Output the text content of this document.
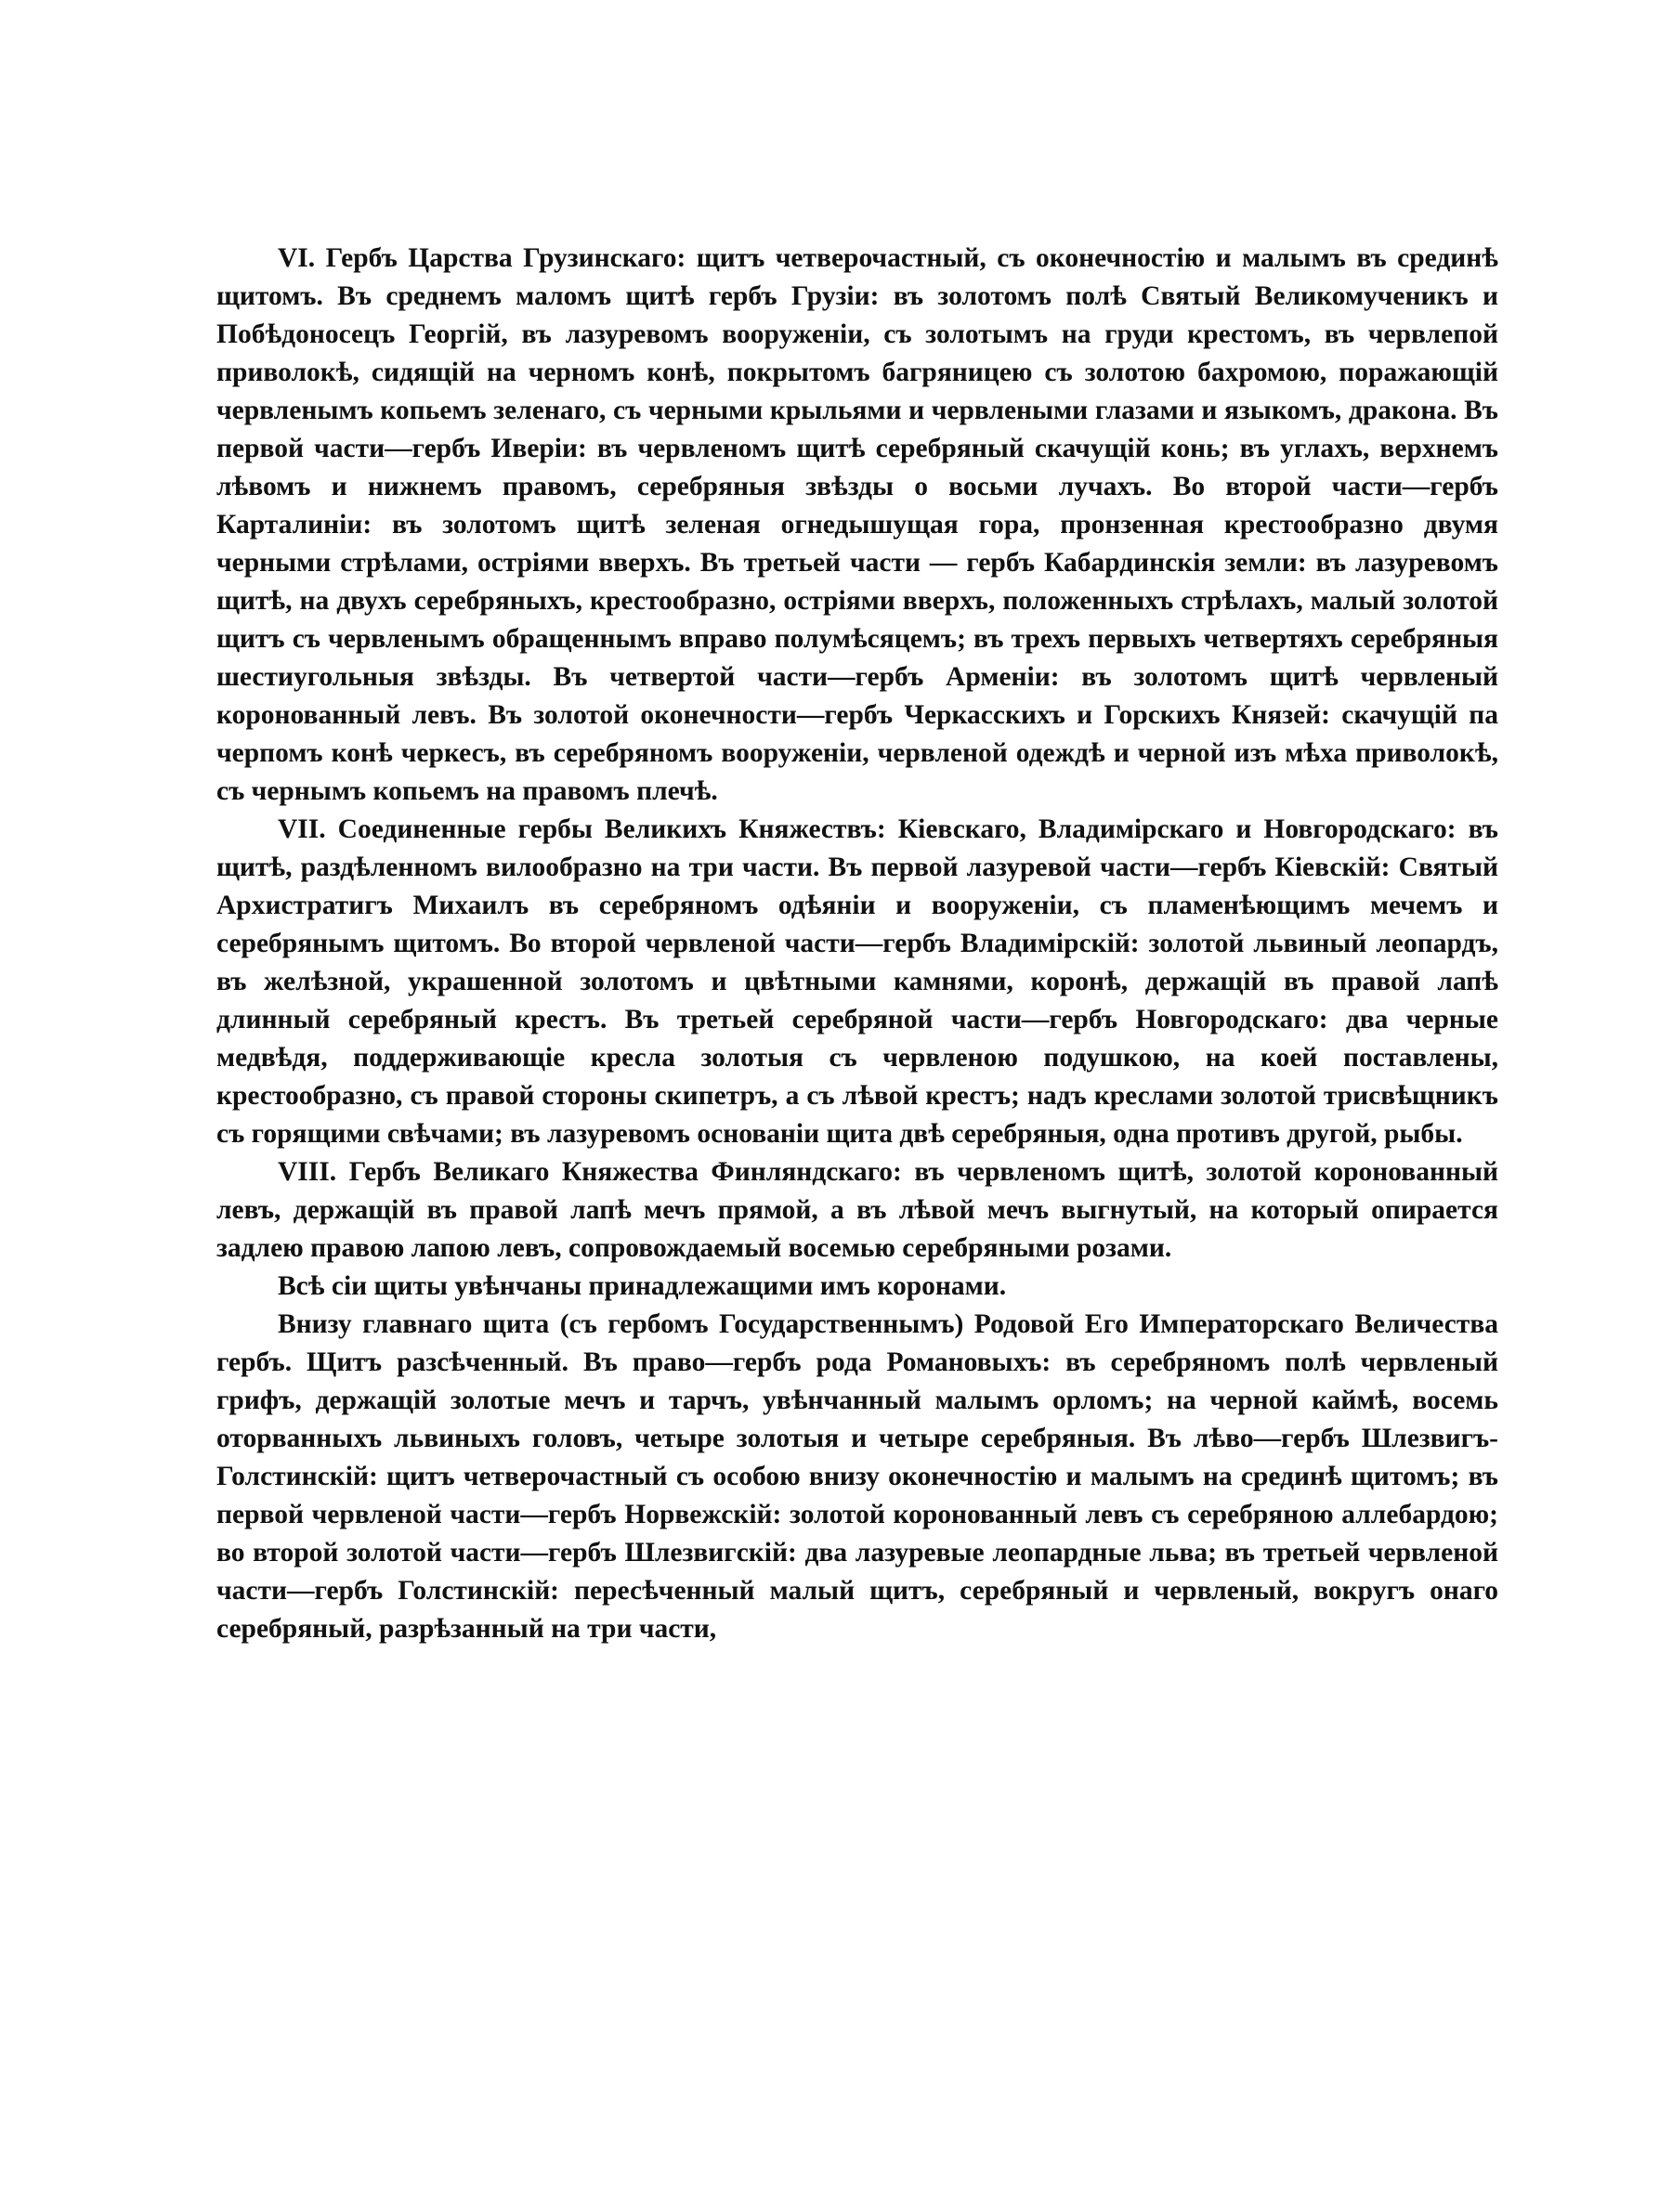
VI. Гербъ Царства Грузинскаго: щитъ четверочастный, съ оконечностію и малымъ въ срединѣ щитомъ. Въ среднемъ маломъ щитѣ гербъ Грузіи: въ золотомъ полѣ Святый Великомученикъ и Побѣдоносецъ Георгій, въ лазуревомъ вооруженіи, съ золотымъ на груди крестомъ, въ червлепой приволокѣ, сидящій на черномъ конѣ, покрытомъ багряницею съ золотою бахромою, поражающій червленымъ копьемъ зеленаго, съ черными крыльями и червлеными глазами и языкомъ, дракона. Въ первой части—гербъ Иверіи: въ червленомъ щитѣ серебряный скачущій конь; въ углахъ, верхнемъ лѣвомъ и нижнемъ правомъ, серебряныя звѣзды о восьми лучахъ. Во второй части—гербъ Карталиніи: въ золотомъ щитѣ зеленая огнедышущая гора, пронзенная крестообразно двумя черными стрѣлами, остріями вверхъ. Въ третьей части — гербъ Кабардинскія земли: въ лазуревомъ щитѣ, на двухъ серебряныхъ, крестообразно, остріями вверхъ, положенныхъ стрѣлахъ, малый золотой щитъ съ червленымъ обращеннымъ вправо полумѣсяцемъ; въ трехъ первыхъ четвертяхъ серебряныя шестиугольныя звѣзды. Въ четвертой части—гербъ Арменіи: въ золотомъ щитѣ червленый коронованный левъ. Въ золотой оконечности—гербъ Черкасскихъ и Горскихъ Князей: скачущій па черпомъ конѣ черкесъ, въ серебряномъ вооруженіи, червленой одеждѣ и черной изъ мѣха приволокѣ, съ чернымъ копьемъ на правомъ плечѣ.

VII. Соединенные гербы Великихъ Княжествъ: Кіевскаго, Владимірскаго и Новгородскаго: въ щитѣ, раздѣленномъ вилообразно на три части. Въ первой лазуревой части—гербъ Кіевскій: Святый Архистратигъ Михаилъ въ серебряномъ одѣяніи и вооруженіи, съ пламенѣющимъ мечемъ и серебрянымъ щитомъ. Во второй червленой части—гербъ Владимірскій: золотой львиный леопардъ, въ желѣзной, украшенной золотомъ и цвѣтными камнями, коронѣ, держащій въ правой лапѣ длинный серебряный крестъ. Въ третьей серебряной части—гербъ Новгородскаго: два черные медвѣдя, поддерживающіе кресла золотыя съ червленою подушкою, на коей поставлены, крестообразно, съ правой стороны скипетръ, а съ лѣвой крестъ; надъ креслами золотой трисвѣщникъ съ горящими свѣчами; въ лазуревомъ основаніи щита двѣ серебряныя, одна противъ другой, рыбы.

VIII. Гербъ Великаго Княжества Финляндскаго: въ червленомъ щитѣ, золотой коронованный левъ, держащій въ правой лапѣ мечъ прямой, а въ лѣвой мечъ выгнутый, на который опирается задлею правою лапою левъ, сопровождаемый восемью серебряными розами.

Всѣ сіи щиты увѣнчаны принадлежащими имъ коронами.

Внизу главнаго щита (съ гербомъ Государственнымъ) Родовой Его Императорскаго Величества гербъ. Щитъ разсѣченный. Въ право—гербъ рода Романовыхъ: въ серебряномъ полѣ червленый грифъ, держащій золотые мечъ и тарчъ, увѣнчанный малымъ орломъ; на черной каймѣ, восемь оторванныхъ львиныхъ головъ, четыре золотыя и четыре серебряныя. Въ лѣво—гербъ Шлезвигъ-Голстинскій: щитъ четверочастный съ особою внизу оконечностію и малымъ на срединѣ щитомъ; въ первой червленой части—гербъ Норвежскій: золотой коронованный левъ съ серебряною аллебардою; во второй золотой части—гербъ Шлезвигскій: два лазуревые леопардные льва; въ третьей червленой части—гербъ Голстинскій: пересѣченный малый щитъ, серебряный и червленый, вокругъ онаго серебряный, разрѣзанный на три части,
